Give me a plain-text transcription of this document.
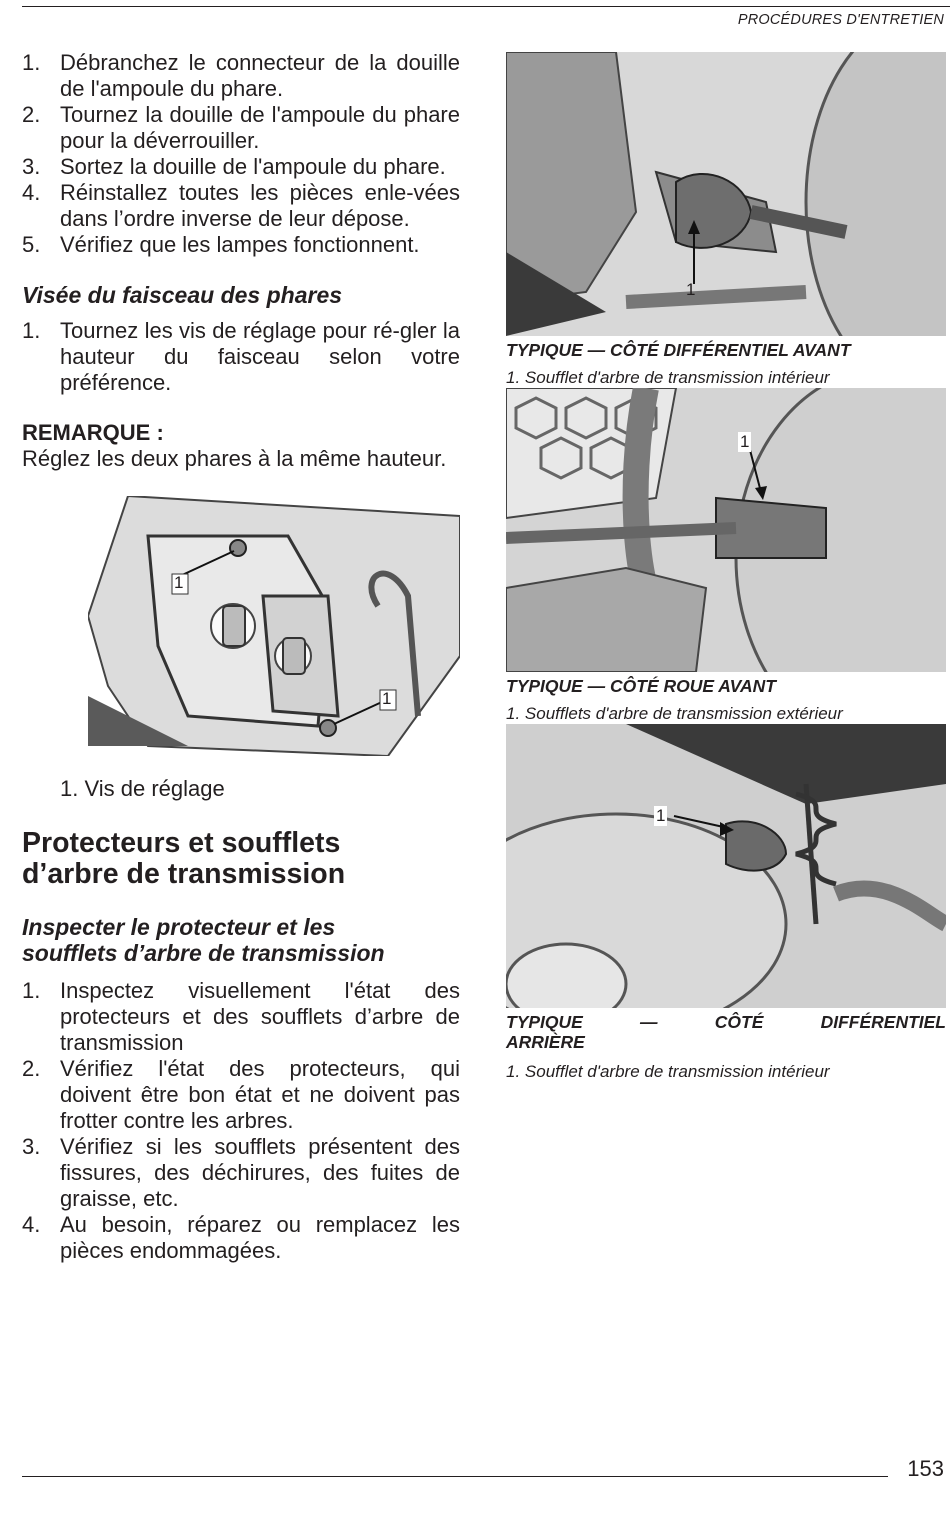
PROCÉDURES D'ENTRETIEN
1. Débranchez le connecteur de la douille de l'ampoule du phare.
2. Tournez la douille de l'ampoule du phare pour la déverrouiller.
3. Sortez la douille de l'ampoule du phare.
4. Réinstallez toutes les pièces enle-vées dans l’ordre inverse de leur dépose.
5. Vérifiez que les lampes fonctionnent.
Visée du faisceau des phares
1. Tournez les vis de réglage pour ré-gler la hauteur du faisceau selon votre préférence.
REMARQUE :
Réglez les deux phares à la même hauteur.
1
1
1. Vis de réglage
Protecteurs et soufflets
d’arbre de transmission
Inspecter le protecteur et les
soufflets d’arbre de transmission
1. Inspectez visuellement l'état des protecteurs et des soufflets d’arbre de transmission
2. Vérifiez l'état des protecteurs, qui doivent être bon état et ne doivent pas frotter contre les arbres.
3. Vérifiez si les soufflets présentent des fissures, des déchirures, des fuites de graisse, etc.
4. Au besoin, réparez ou remplacez les pièces endommagées.
1
TYPIQUE — CÔTÉ DIFFÉRENTIEL AVANT
1. Soufflet d'arbre de transmission intérieur
1
TYPIQUE — CÔTÉ ROUE AVANT
1. Soufflets d'arbre de transmission extérieur
1
TYPIQUE — CÔTÉ DIFFÉRENTIEL
ARRIÈRE
1. Soufflet d'arbre de transmission intérieur
153
